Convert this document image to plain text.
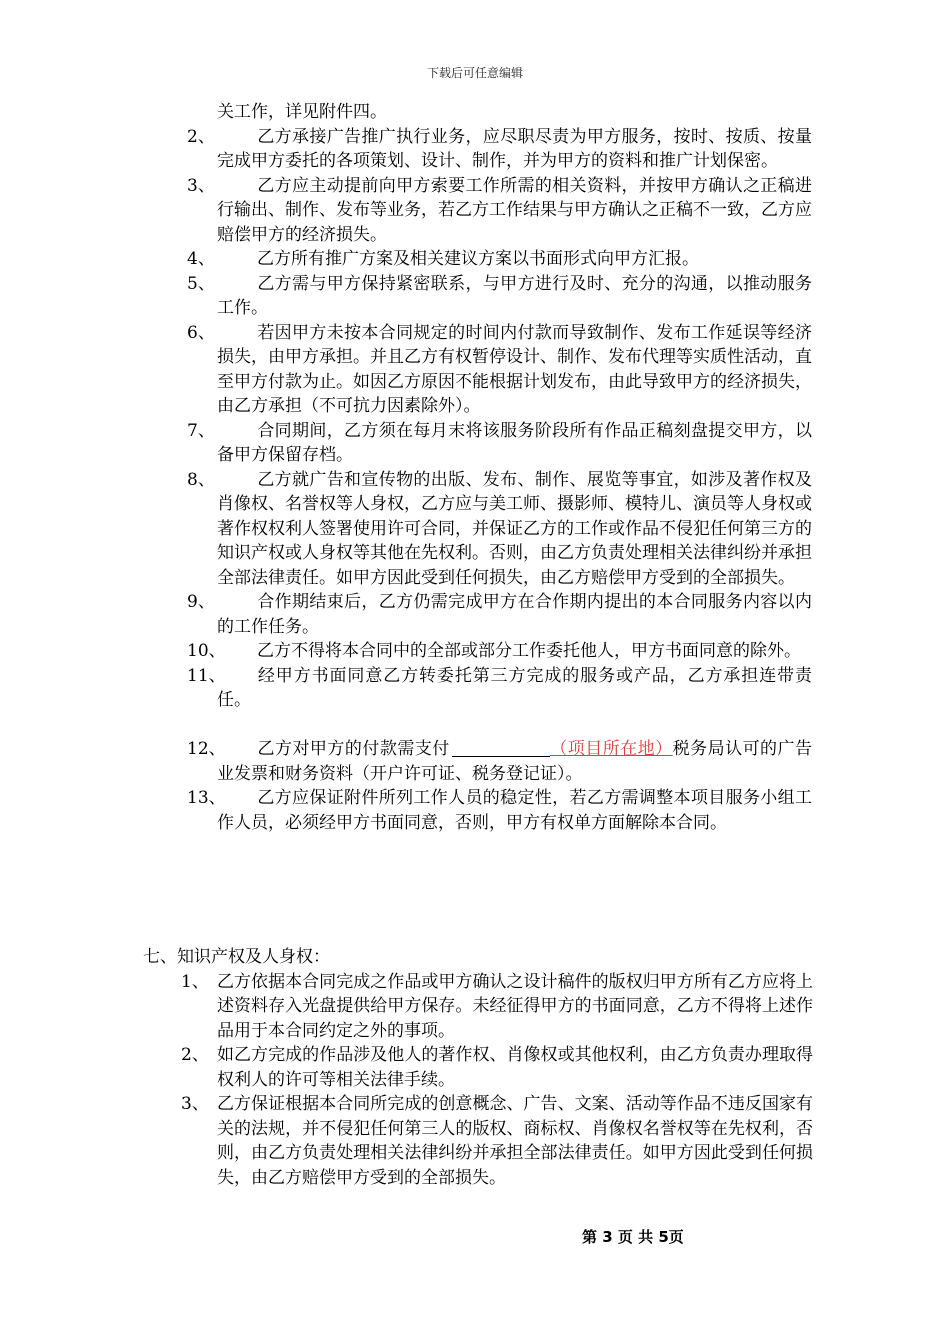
下载后可任意编辑
关工作，详见附件四。
2、 乙方承接广告推广执行业务，应尽职尽责为甲方服务，按时、按质、按量完成甲方委托的各项策划、设计、制作，并为甲方的资料和推广计划保密。
3、 乙方应主动提前向甲方索要工作所需的相关资料，并按甲方确认之正稿进行输出、制作、发布等业务，若乙方工作结果与甲方确认之正稿不一致，乙方应赔偿甲方的经济损失。
4、 乙方所有推广方案及相关建议方案以书面形式向甲方汇报。
5、 乙方需与甲方保持紧密联系，与甲方进行及时、充分的沟通，以推动服务工作。
6、 若因甲方未按本合同规定的时间内付款而导致制作、发布工作延误等经济损失，由甲方承担。并且乙方有权暂停设计、制作、发布代理等实质性活动，直至甲方付款为止。如因乙方原因不能根据计划发布，由此导致甲方的经济损失，由乙方承担（不可抗力因素除外）。
7、 合同期间，乙方须在每月末将该服务阶段所有作品正稿刻盘提交甲方，以备甲方保留存档。
8、 乙方就广告和宣传物的出版、发布、制作、展览等事宜，如涉及著作权及肖像权、名誉权等人身权，乙方应与美工师、摄影师、模特儿、演员等人身权或著作权权利人签署使用许可合同，并保证乙方的工作或作品不侵犯任何第三方的知识产权或人身权等其他在先权利。否则，由乙方负责处理相关法律纠纷并承担全部法律责任。如甲方因此受到任何损失，由乙方赔偿甲方受到的全部损失。
9、 合作期结束后，乙方仍需完成甲方在合作期内提出的本合同服务内容以内的工作任务。
10、 乙方不得将本合同中的全部或部分工作委托他人，甲方书面同意的除外。
11、 经甲方书面同意乙方转委托第三方完成的服务或产品，乙方承担连带责任。
12、 乙方对甲方的付款需支付	（项目所在地）税务局认可的广告业发票和财务资料（开户许可证、税务登记证）。
13、 乙方应保证附件所列工作人员的稳定性，若乙方需调整本项目服务小组工作人员，必须经甲方书面同意，否则，甲方有权单方面解除本合同。
七、知识产权及人身权：
1、 乙方依据本合同完成之作品或甲方确认之设计稿件的版权归甲方所有乙方应将上述资料存入光盘提供给甲方保存。未经征得甲方的书面同意，乙方不得将上述作品用于本合同约定之外的事项。
2、 如乙方完成的作品涉及他人的著作权、肖像权或其他权利，由乙方负责办理取得权利人的许可等相关法律手续。
3、 乙方保证根据本合同所完成的创意概念、广告、文案、活动等作品不违反国家有关的法规，并不侵犯任何第三人的版权、商标权、肖像权名誉权等在先权利，否则，由乙方负责处理相关法律纠纷并承担全部法律责任。如甲方因此受到任何损失，由乙方赔偿甲方受到的全部损失。
第 3 页 共 5页
